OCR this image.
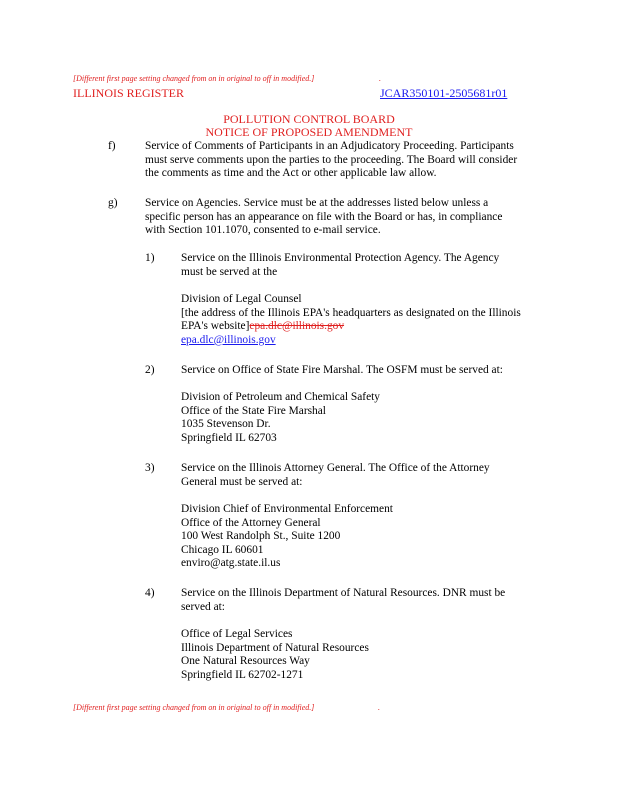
[Different first page setting changed from on in original to off in modified.]	.
ILLINOIS REGISTER	JCAR350101-2505681r01
POLLUTION CONTROL BOARD
NOTICE OF PROPOSED AMENDMENT
f)	Service of Comments of Participants in an Adjudicatory Proceeding. Participants
must serve comments upon the parties to the proceeding. The Board will consider
the comments as time and the Act or other applicable law allow.
g) Service on Agencies. Service must be at the addresses listed below unless a
specific person has an appearance on file with the Board or has, in compliance
with Section 101.1070, consented to e-mail service.
1) Service on the Illinois Environmental Protection Agency. The Agency
must be served at the
Division of Legal Counsel
[the address of the Illinois EPA's headquarters as designated on the Illinois
EPA's website]epa.dlc@illinois.gov
epa.dlc@illinois.gov
2) Service on Office of State Fire Marshal. The OSFM must be served at:
Division of Petroleum and Chemical Safety
Office of the State Fire Marshal
1035 Stevenson Dr.
Springfield IL 62703
3) Service on the Illinois Attorney General. The Office of the Attorney
General must be served at:
Division Chief of Environmental Enforcement
Office of the Attorney General
100 West Randolph St., Suite 1200
Chicago IL 60601
enviro@atg.state.il.us
4) Service on the Illinois Department of Natural Resources. DNR must be
served at:
Office of Legal Services
Illinois Department of Natural Resources
One Natural Resources Way
Springfield IL 62702-1271
[Different first page setting changed from on in original to off in modified.]	.
